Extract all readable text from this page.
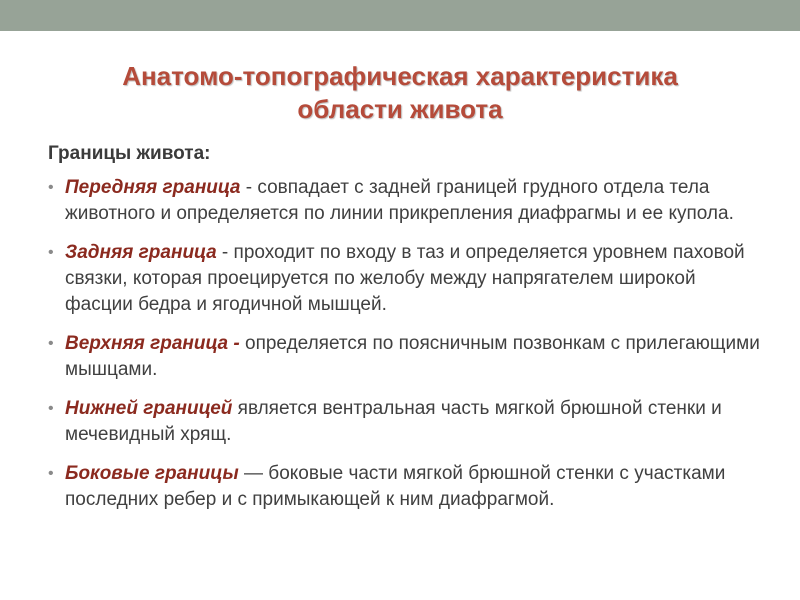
Анатомо-топографическая характеристика
области живота
Границы живота:
• Передняя граница - совпадает с задней границей грудного отдела тела животного и определяется по линии прикрепления диафрагмы и ее купола.
• Задняя граница - проходит по входу в таз и определяется уровнем паховой связки, которая проецируется по желобу между напрягателем широкой фасции бедра и ягодичной мышцей.
• Верхняя граница - определяется по поясничным позвонкам с прилегающими мышцами.
• Нижней границей является вентральная часть мягкой брюшной стенки и мечевидный хрящ.
• Боковые границы — боковые части мягкой брюшной стенки с участками последних ребер и с примыкающей к ним диафрагмой.
